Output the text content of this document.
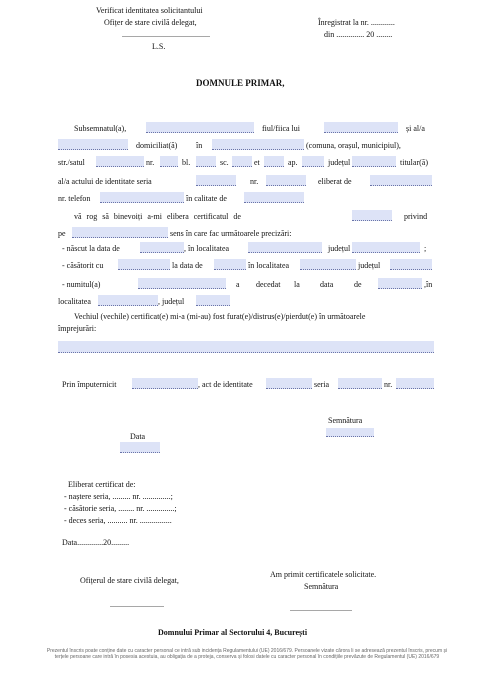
Verificat identitatea solicitantului
Ofițer de stare civilă delegat,
............................................
L.S.
Înregistrat la nr. ............
din .............. 20 ........
DOMNULE PRIMAR,
Subsemnatul(a),	fiul/fiica lui	și al/a
domiciliat(ă) în	(comuna, orașul, municipiul),
str./satul	nr.	bl.	sc.	et	ap.	județul	titular(ă)
al/a actului de identitate seria	nr.	eliberat de
nr. telefon	în calitate de
vă rog să binevoiți a-mi elibera certificatul de	privind
pe	sens în care fac următoarele precizări:
- născut la data de	, în localitatea	județul	;
- căsătorit cu	la data de	în localitatea	județul
- numitul(a)	a decedat la	data	de	,în
localitatea	, județul
Vechiul (vechile) certificat(e) mi-a (mi-au) fost furat(e)/distrus(e)/pierdut(e) în următoarele
împrejurări:
Prin împuternicit	, act de identitate	seria	nr.
Semnătura
Data
Eliberat certificat de:
- naștere seria, ......... nr. ..............;
- căsătorie seria, ........ nr. ..............;
- deces seria, .......... nr. ................
Data.............20.........
Ofițerul de stare civilă delegat,
...........................
Am primit certificatele solicitate.
Semnătura
...............................
Domnului Primar al Sectorului 4, București
Prezentul înscris poate conține date cu caracter personal ce intră sub incidența Regulamentului (UE) 2016/679. Persoanele vizate cărora li se adresează prezentul înscris, precum și terțele persoane care intră în posesia acestuia, au obligația de a proteja, conserva și folosi datele cu caracter personal în condițiile prevăzute de Regulamentul (UE) 2016/679
